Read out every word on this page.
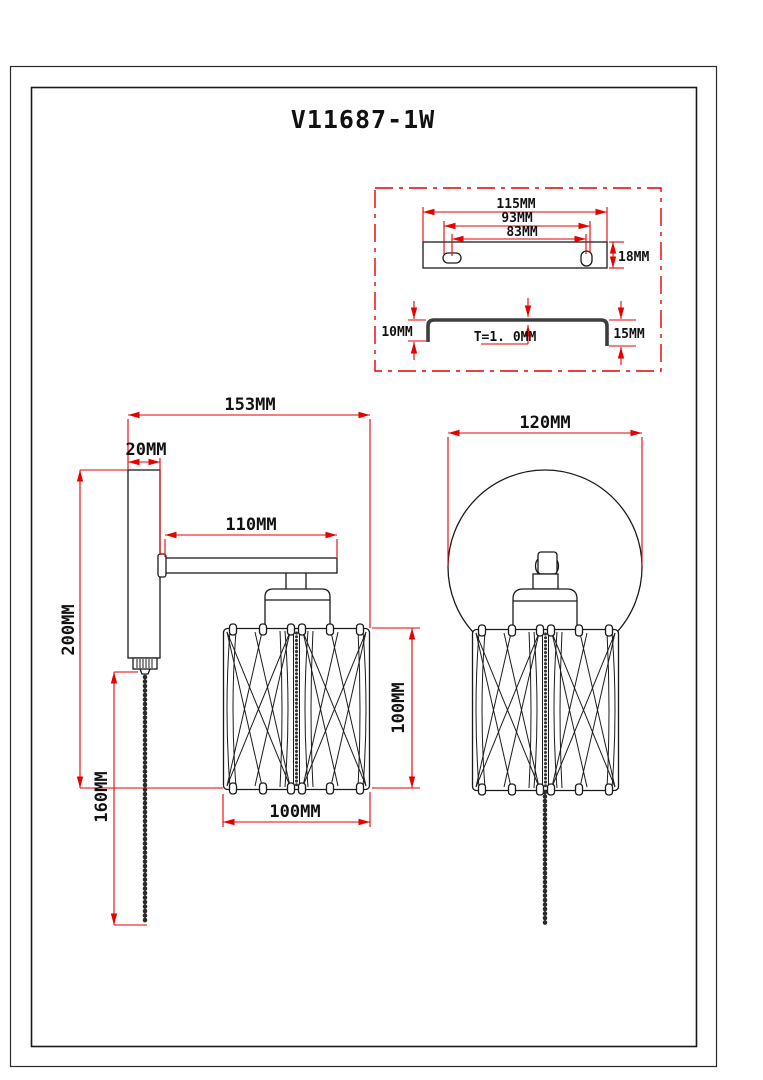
V11687-1W
115MM
93MM
83MM
18MM
10MM	T=1. 0MM	15MM
153MM
20MM
110MM
200MM
160MM
100MM
100MM
120MM
